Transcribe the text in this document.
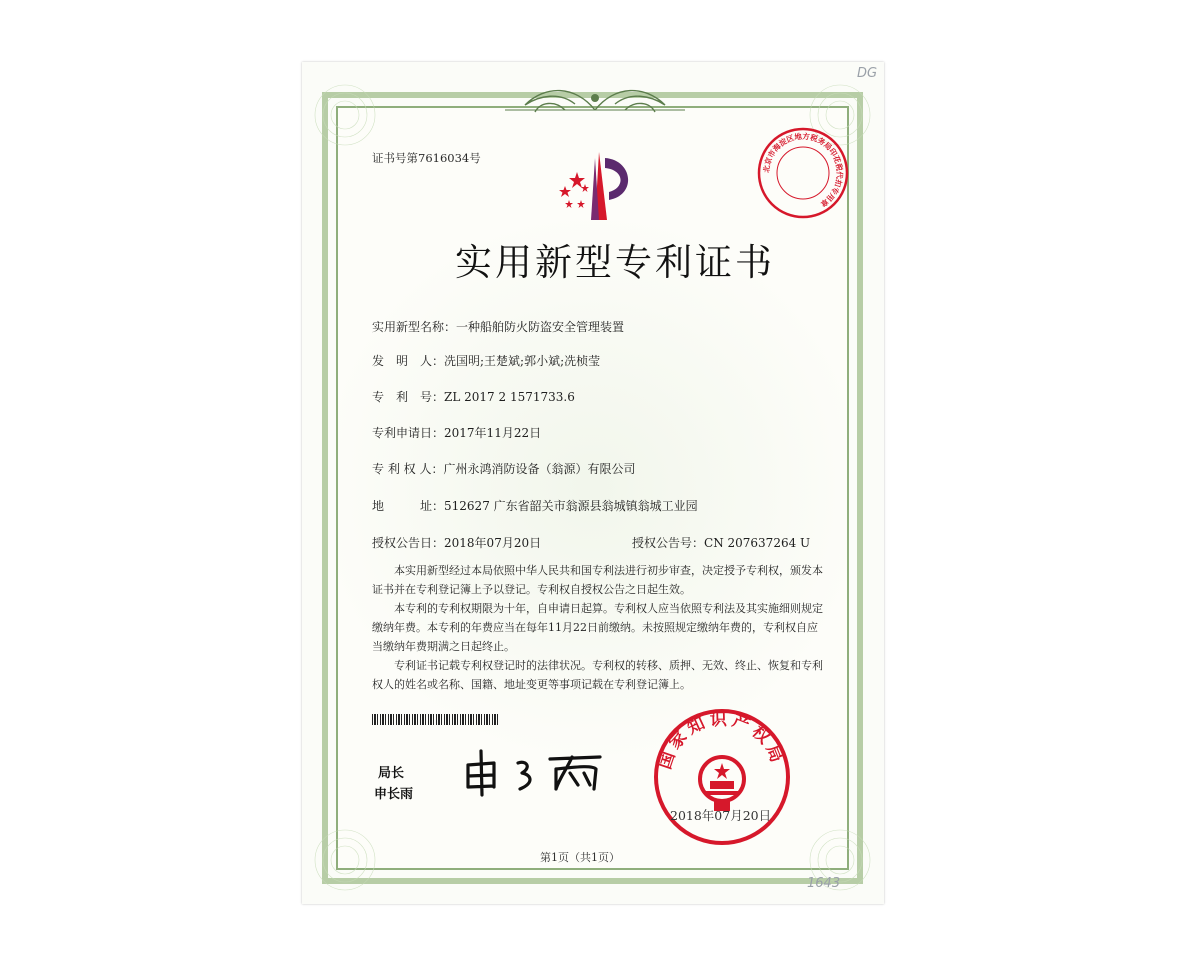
DG
1643
证书号第7616034号
北京市海淀区地方税务局印花税代扣专用章
实用新型专利证书
实用新型名称：一种船舶防火防盗安全管理装置
发　明　人：冼国明;王楚斌;郭小斌;冼桢莹
专　利　号：ZL 2017 2 1571733.6
专利申请日：2017年11月22日
专 利 权 人：广州永鸿消防设备（翁源）有限公司
地　　　址：512627 广东省韶关市翁源县翁城镇翁城工业园
授权公告日：2018年07月20日	授权公告号：CN 207637264 U

本实用新型经过本局依照中华人民共和国专利法进行初步审查，决定授予专利权，颁发本证书并在专利登记簿上予以登记。专利权自授权公告之日起生效。

本专利的专利权期限为十年，自申请日起算。专利权人应当依照专利法及其实施细则规定缴纳年费。本专利的年费应当在每年11月22日前缴纳。未按照规定缴纳年费的，专利权自应当缴纳年费期满之日起终止。

专利证书记载专利权登记时的法律状况。专利权的转移、质押、无效、终止、恢复和专利权人的姓名或名称、国籍、地址变更等事项记载在专利登记簿上。

局长
申长雨
国家知识产权局
2018年07月20日
第1页（共1页）
